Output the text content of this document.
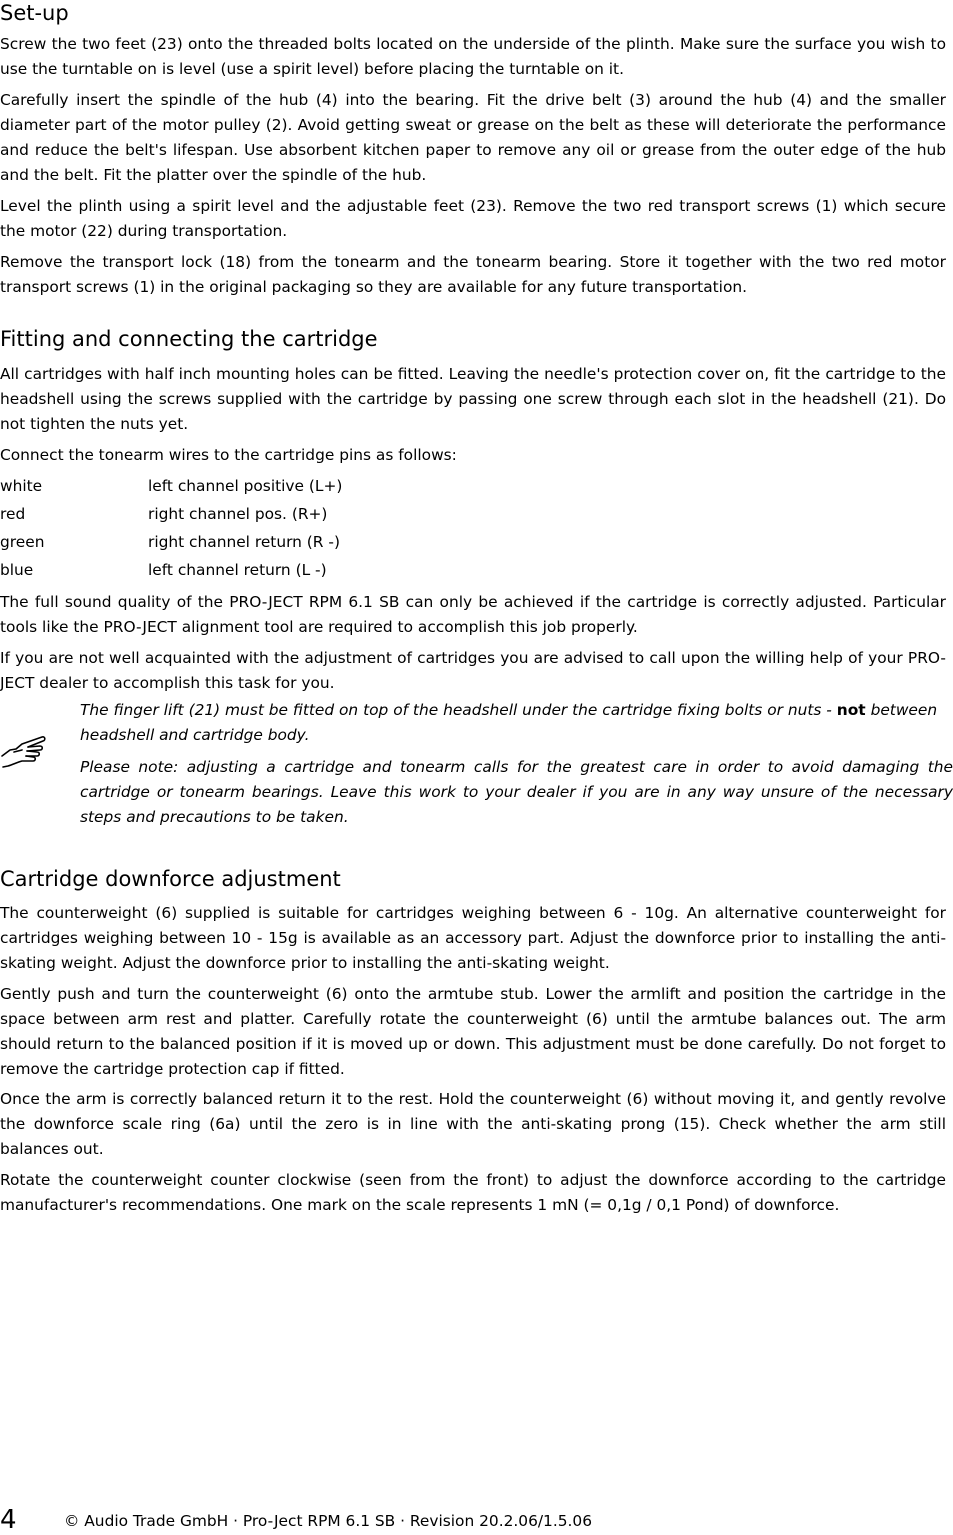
Set-up

Screw the two feet (23) onto the threaded bolts located on the underside of the plinth. Make sure the surface you wish to use the turntable on is level (use a spirit level) before placing the turntable on it.

Carefully insert the spindle of the hub (4) into the bearing. Fit the drive belt (3) around the hub (4) and the smaller diameter part of the motor pulley (2). Avoid getting sweat or grease on the belt as these will deteriorate the performance and reduce the belt's lifespan. Use absorbent kitchen paper to remove any oil or grease from the outer edge of the hub and the belt. Fit the platter over the spindle of the hub.

Level the plinth using a spirit level and the adjustable feet (23). Remove the two red transport screws (1) which secure the motor (22) during transportation.

Remove the transport lock (18) from the tonearm and the tonearm bearing. Store it together with the two red motor transport screws (1) in the original packaging so they are available for any future transportation.

Fitting and connecting the cartridge

All cartridges with half inch mounting holes can be fitted. Leaving the needle's protection cover on, fit the cartridge to the headshell using the screws supplied with the cartridge by passing one screw through each slot in the headshell (21). Do not tighten the nuts yet.

Connect the tonearm wires to the cartridge pins as follows:

white	left channel positive (L+)
red	right channel pos. (R+)
green	right channel return (R -)
blue	left channel return (L -)

The full sound quality of the PRO-JECT RPM 6.1 SB can only be achieved if the cartridge is correctly adjusted. Particular tools like the PRO-JECT alignment tool are required to accomplish this job properly.

If you are not well acquainted with the adjustment of cartridges you are advised to call upon the willing help of your PRO-JECT dealer to accomplish this task for you.

The finger lift (21) must be fitted on top of the headshell under the cartridge fixing bolts or nuts - not between headshell and cartridge body.

Please note: adjusting a cartridge and tonearm calls for the greatest care in order to avoid damaging the cartridge or tonearm bearings. Leave this work to your dealer if you are in any way unsure of the necessary steps and precautions to be taken.

Cartridge downforce adjustment

The counterweight (6) supplied is suitable for cartridges weighing between 6 - 10g. An alternative counterweight for cartridges weighing between 10 - 15g is available as an accessory part. Adjust the downforce prior to installing the anti-skating weight. Adjust the downforce prior to installing the anti-skating weight.

Gently push and turn the counterweight (6) onto the armtube stub. Lower the armlift and position the cartridge in the space between arm rest and platter. Carefully rotate the counterweight (6) until the armtube balances out. The arm should return to the balanced position if it is moved up or down. This adjustment must be done carefully. Do not forget to remove the cartridge protection cap if fitted.

Once the arm is correctly balanced return it to the rest. Hold the counterweight (6) without moving it, and gently revolve the downforce scale ring (6a) until the zero is in line with the anti-skating prong (15). Check whether the arm still balances out.

Rotate the counterweight counter clockwise (seen from the front) to adjust the downforce according to the cartridge manufacturer's recommendations. One mark on the scale represents 1 mN (= 0,1g / 0,1 Pond) of downforce.

4	© Audio Trade GmbH · Pro-Ject RPM 6.1 SB · Revision 20.2.06/1.5.06
